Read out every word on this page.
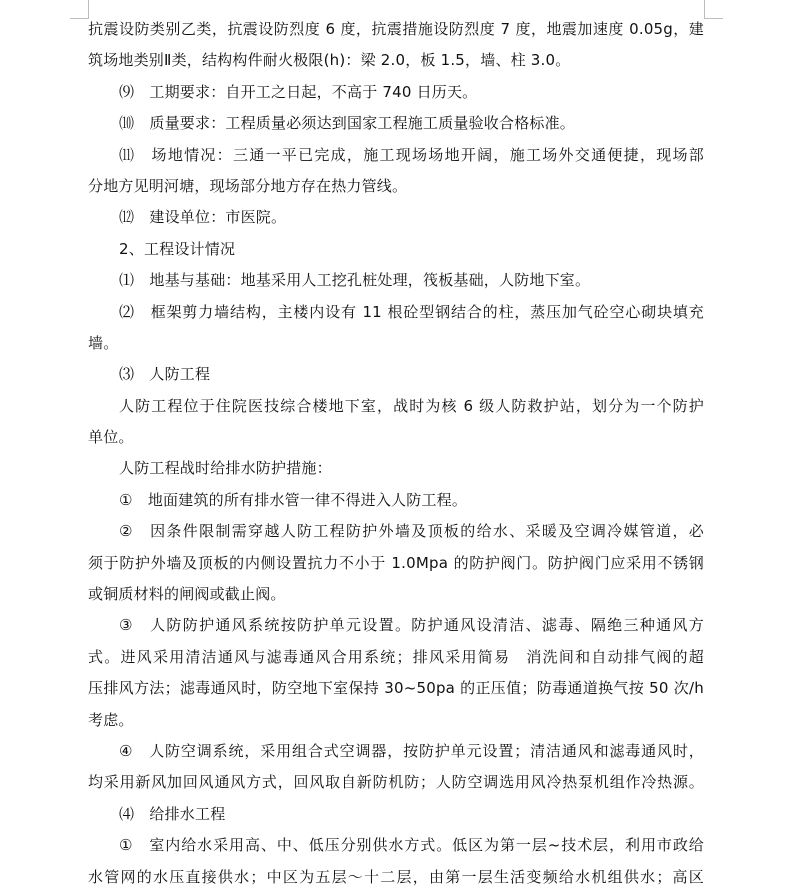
抗震设防类别乙类，抗震设防烈度 6 度，抗震措施设防烈度 7 度，地震加速度 0.05g，建
筑场地类别Ⅱ类，结构构件耐火极限(h)：梁 2.0，板 1.5，墙、柱 3.0。
⑼　工期要求：自开工之日起，不高于 740 日历天。
⑽　质量要求：工程质量必须达到国家工程施工质量验收合格标准。
⑾　场地情况：三通一平已完成，施工现场场地开阔，施工场外交通便捷，现场部
分地方见明河塘，现场部分地方存在热力管线。
⑿　建设单位：市医院。
2、工程设计情况
⑴　地基与基础：地基采用人工挖孔桩处理，筏板基础，人防地下室。
⑵　框架剪力墙结构，主楼内设有 11 根砼型钢结合的柱，蒸压加气砼空心砌块填充
墙。
⑶　人防工程
人防工程位于住院医技综合楼地下室，战时为核 6 级人防救护站，划分为一个防护
单位。
人防工程战时给排水防护措施：
①　地面建筑的所有排水管一律不得进入人防工程。
②　因条件限制需穿越人防工程防护外墙及顶板的给水、采暖及空调冷媒管道，必
须于防护外墙及顶板的内侧设置抗力不小于 1.0Mpa 的防护阀门。防护阀门应采用不锈钢
或铜质材料的闸阀或截止阀。
③　人防防护通风系统按防护单元设置。防护通风设清洁、滤毒、隔绝三种通风方
式。进风采用清洁通风与滤毒通风合用系统；排风采用简易　消洗间和自动排气阀的超
压排风方法；滤毒通风时，防空地下室保持 30~50pa 的正压值；防毒通道换气按 50 次/h
考虑。
④　人防空调系统，采用组合式空调器，按防护单元设置；清洁通风和滤毒通风时，
均采用新风加回风通风方式，回风取自新防机防；人防空调选用风冷热泵机组作冷热源。
⑷　给排水工程
①　室内给水采用高、中、低压分别供水方式。低区为第一层~技术层，利用市政给
水管网的水压直接供水；中区为五层～十二层，由第一层生活变频给水机组供水；高区
